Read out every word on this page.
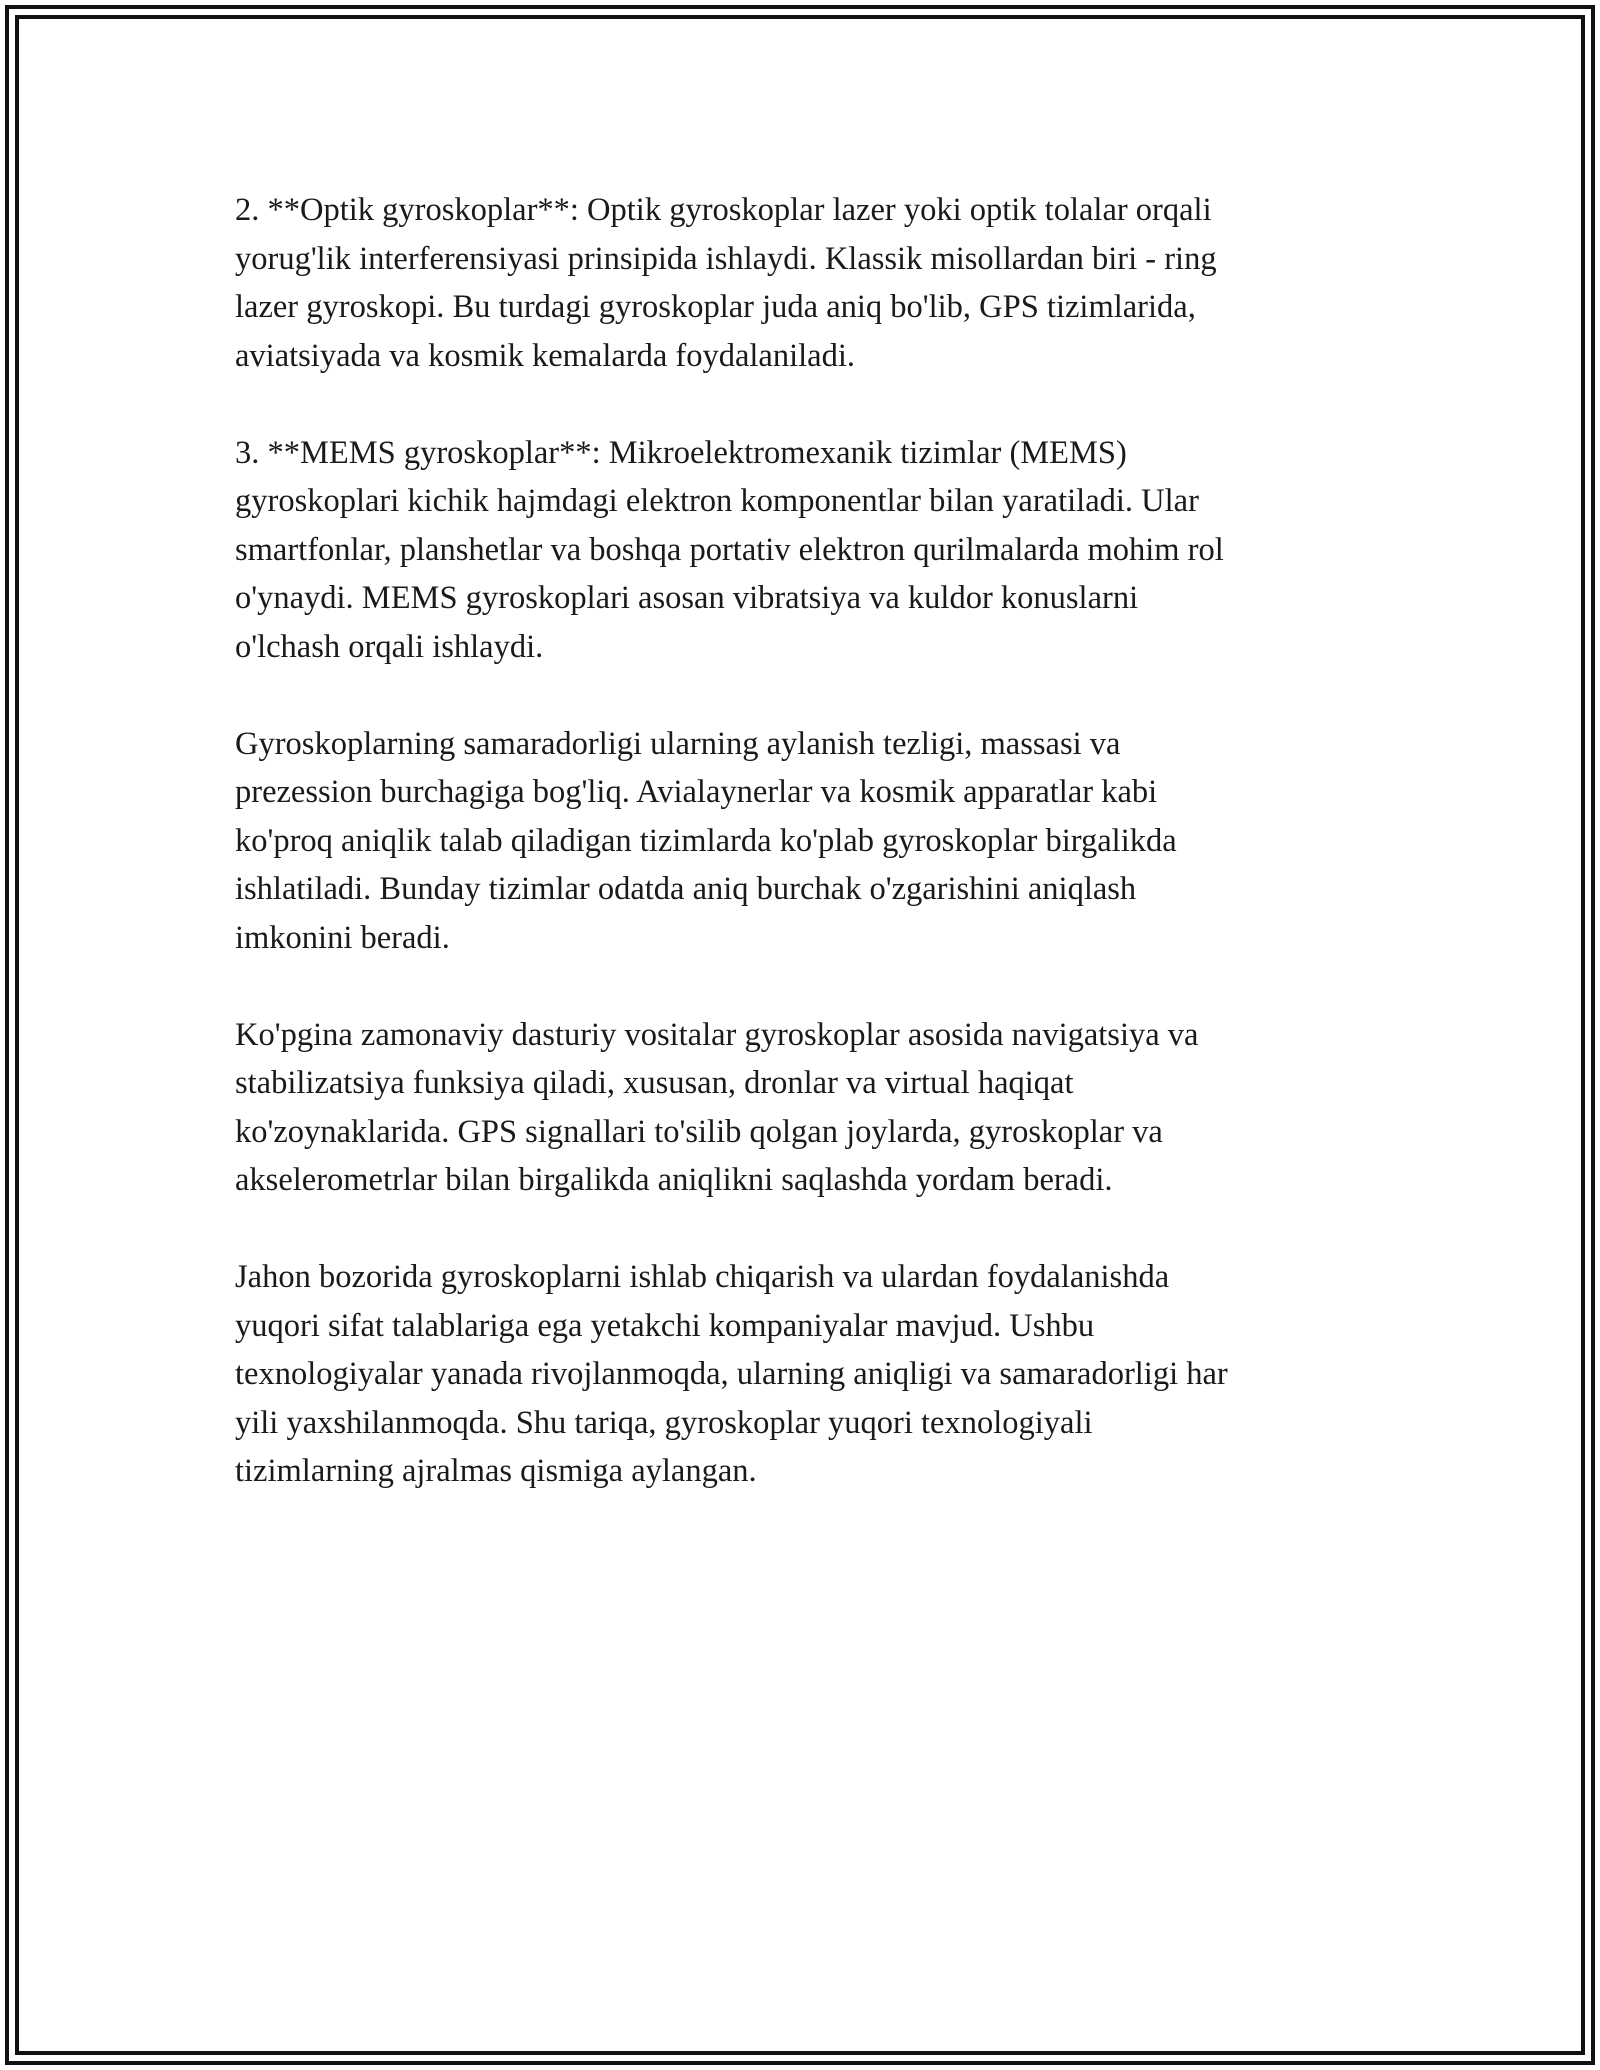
2. **Optik gyroskoplar**: Optik gyroskoplar lazer yoki optik tolalar orqali
yorug'lik interferensiyasi prinsipida ishlaydi. Klassik misollardan biri - ring
lazer gyroskopi. Bu turdagi gyroskoplar juda aniq bo'lib, GPS tizimlarida,
aviatsiyada va kosmik kemalarda foydalaniladi.

3. **MEMS gyroskoplar**: Mikroelektromexanik tizimlar (MEMS)
gyroskoplari kichik hajmdagi elektron komponentlar bilan yaratiladi. Ular
smartfonlar, planshetlar va boshqa portativ elektron qurilmalarda mohim rol
o'ynaydi. MEMS gyroskoplari asosan vibratsiya va kuldor konuslarni
o'lchash orqali ishlaydi.

Gyroskoplarning samaradorligi ularning aylanish tezligi, massasi va
prezession burchagiga bog'liq. Avialaynerlar va kosmik apparatlar kabi
ko'proq aniqlik talab qiladigan tizimlarda ko'plab gyroskoplar birgalikda
ishlatiladi. Bunday tizimlar odatda aniq burchak o'zgarishini aniqlash
imkonini beradi.

Ko'pgina zamonaviy dasturiy vositalar gyroskoplar asosida navigatsiya va
stabilizatsiya funksiya qiladi, xususan, dronlar va virtual haqiqat
ko'zoynaklarida. GPS signallari to'silib qolgan joylarda, gyroskoplar va
akselerometrlar bilan birgalikda aniqlikni saqlashda yordam beradi.

Jahon bozorida gyroskoplarni ishlab chiqarish va ulardan foydalanishda
yuqori sifat talablariga ega yetakchi kompaniyalar mavjud. Ushbu
texnologiyalar yanada rivojlanmoqda, ularning aniqligi va samaradorligi har
yili yaxshilanmoqda. Shu tariqa, gyroskoplar yuqori texnologiyali
tizimlarning ajralmas qismiga aylangan.
